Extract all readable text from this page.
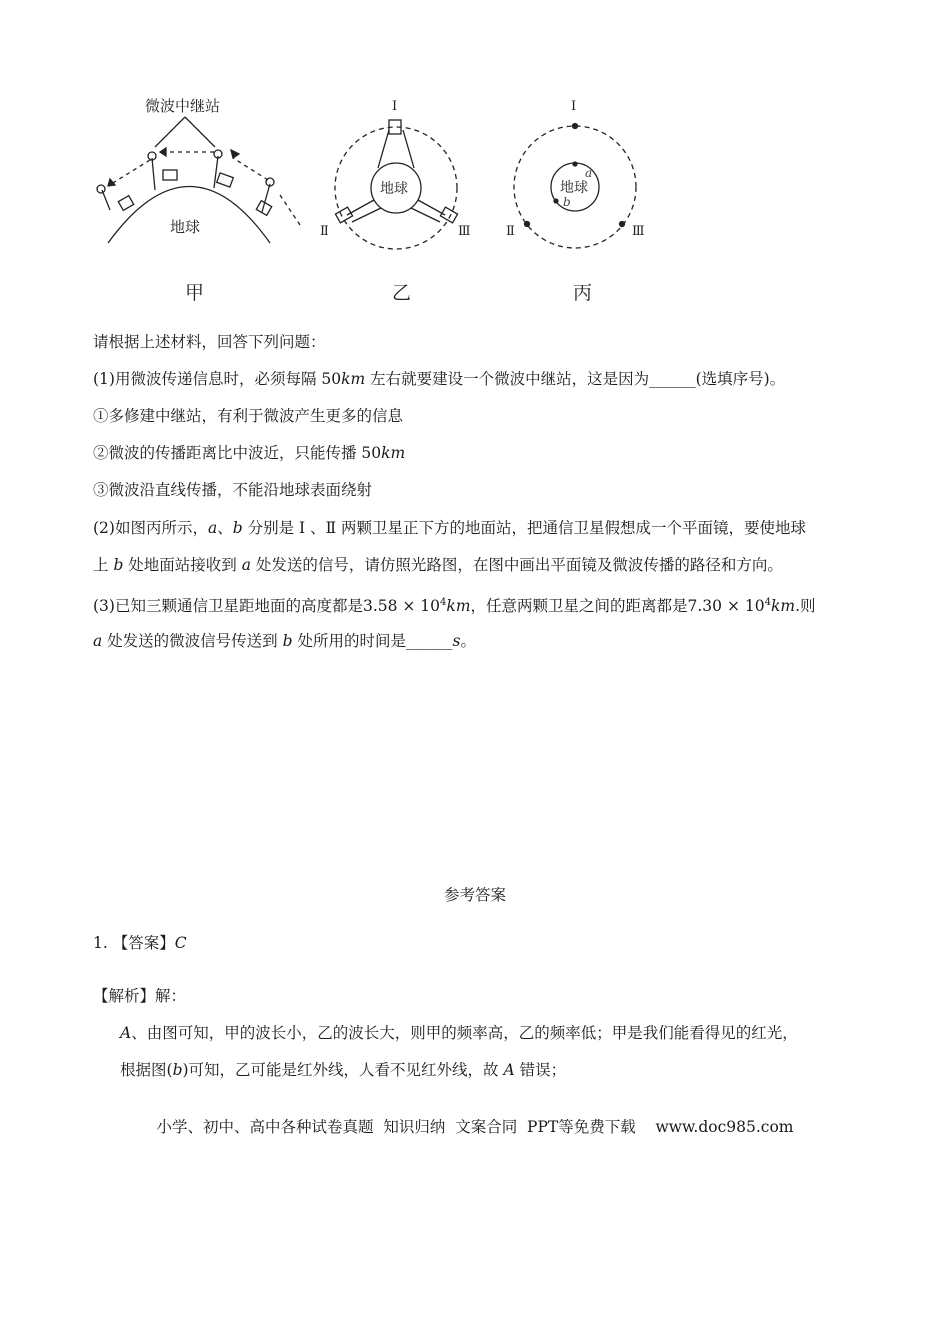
地球
微波中继站
地球
Ⅰ
Ⅱ	Ⅲ
地球
a
b
Ⅰ
Ⅱ	Ⅲ
甲	乙	丙
请根据上述材料，回答下列问题：
(1)用微波传递信息时，必须每隔 50km 左右就要建设一个微波中继站，这是因为______(选填序号)。
①多修建中继站，有利于微波产生更多的信息
②微波的传播距离比中波近，只能传播 50km
③微波沿直线传播，不能沿地球表面绕射
(2)如图丙所示，a、b 分别是 Ⅰ 、Ⅱ 两颗卫星正下方的地面站，把通信卫星假想成一个平面镜，要使地球
上 b 处地面站接收到 a 处发送的信号，请仿照光路图，在图中画出平面镜及微波传播的路径和方向。
(3)已知三颗通信卫星距地面的高度都是$3.58 \times 10^4km$，任意两颗卫星之间的距离都是$7.30 \times 10^4km$.则
a 处发送的微波信号传送到 b 处所用的时间是______s。
参考答案
1. 【答案】C
【解析】解：
A、由图可知，甲的波长小，乙的波长大，则甲的频率高，乙的频率低；甲是我们能看得见的红光，
根据图(b)可知，乙可能是红外线，人看不见红外线，故 A 错误；
小学、初中、高中各种试卷真题  知识归纳  文案合同  PPT等免费下载    www.doc985.com
